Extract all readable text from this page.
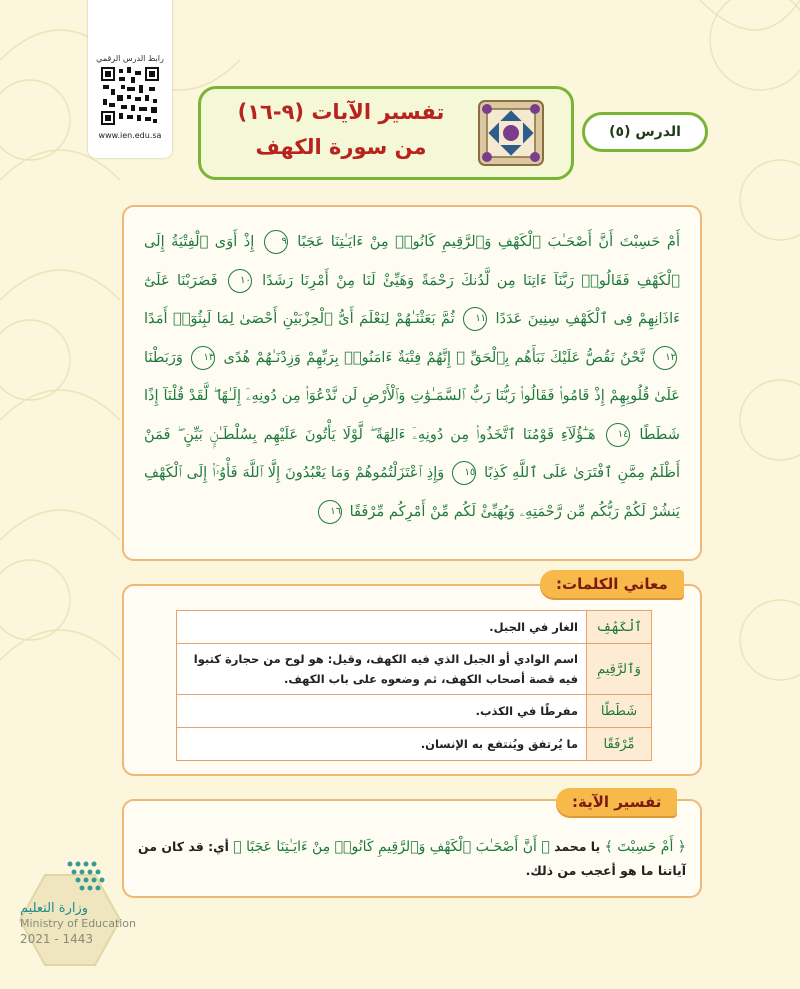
رابط الدرس الرقمي
www.ien.edu.sa	الدرس (٥)
تفسير الآيات (٩-١٦)
من سورة الكهف
أَمْ حَسِبْتَ أَنَّ أَصْحَـٰبَ ٱلْكَهْفِ وَٱلرَّقِيمِ كَانُوا۟ مِنْ ءَايَـٰتِنَا عَجَبًا ٩ إِذْ أَوَى ٱلْفِتْيَةُ إِلَى ٱلْكَهْفِ فَقَالُوا۟ رَبَّنَآ ءَاتِنَا مِن لَّدُنكَ رَحْمَةً وَهَيِّئْ لَنَا مِنْ أَمْرِنَا رَشَدًا ١٠ فَضَرَبْنَا عَلَىٰٓ ءَاذَانِهِمْ فِى ٱلْكَهْفِ سِنِينَ عَدَدًا ١١ ثُمَّ بَعَثْنَـٰهُمْ لِنَعْلَمَ أَىُّ ٱلْحِزْبَيْنِ أَحْصَىٰ لِمَا لَبِثُوٓا۟ أَمَدًا ١٢ نَّحْنُ نَقُصُّ عَلَيْكَ نَبَأَهُم بِٱلْحَقِّ ۚ إِنَّهُمْ فِتْيَةٌ ءَامَنُوا۟ بِرَبِّهِمْ وَزِدْنَـٰهُمْ هُدًى ١٣ وَرَبَطْنَا عَلَىٰ قُلُوبِهِمْ إِذْ قَامُوا۟ فَقَالُوا۟ رَبُّنَا رَبُّ ٱلسَّمَـٰوَٰتِ وَٱلْأَرْضِ لَن نَّدْعُوَا۟ مِن دُونِهِۦٓ إِلَـٰهًا ۖ لَّقَدْ قُلْنَآ إِذًا شَطَطًا ١٤ هَـٰٓؤُلَآءِ قَوْمُنَا ٱتَّخَذُوا۟ مِن دُونِهِۦٓ ءَالِهَةً ۖ لَّوْلَا يَأْتُونَ عَلَيْهِم بِسُلْطَـٰنٍۭ بَيِّنٍ ۖ فَمَنْ أَظْلَمُ مِمَّنِ ٱفْتَرَىٰ عَلَى ٱللَّهِ كَذِبًا ١٥ وَإِذِ ٱعْتَزَلْتُمُوهُمْ وَمَا يَعْبُدُونَ إِلَّا ٱللَّهَ فَأْوُۥٓا۟ إِلَى ٱلْكَهْفِ يَنشُرْ لَكُمْ رَبُّكُم مِّن رَّحْمَتِهِۦ وَيُهَيِّئْ لَكُم مِّنْ أَمْرِكُم مِّرْفَقًا ١٦
معاني الكلمات:
ٱلْكَهْفِ	الغار في الجبل.
وَٱلرَّقِيمِ	اسم الوادي أو الجبل الذي فيه الكهف، وقيل: هو لوح من حجارة كتبوا فيه قصة أصحاب الكهف، ثم وضعوه على باب الكهف.
شَطَطًا	مفرطًا في الكذب.
مِّرْفَقًا	ما يُرتفق ويُنتفع به الإنسان.
تفسير الآية:
﴿ أَمْ حَسِبْتَ ﴾ يا محمد ﴿ أَنَّ أَصْحَـٰبَ ٱلْكَهْفِ وَٱلرَّقِيمِ كَانُوا۟ مِنْ ءَايَـٰتِنَا عَجَبًا ﴾ أي: قد كان من آياتنا ما هو أعجب من ذلك.
وزارة التعليم
Ministry of Education
2021 - 1443
